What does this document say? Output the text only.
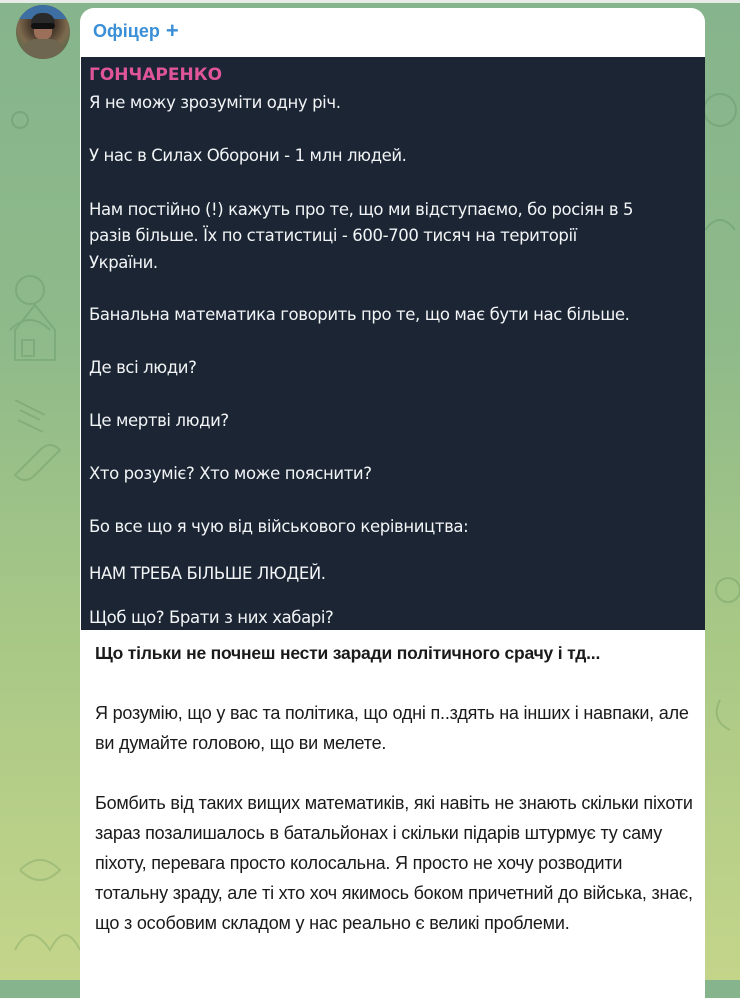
Офіцер +
ГОНЧАРЕНКО
Я не можу зрозуміти одну річ.
У нас в Силах Оборони - 1 млн людей.
Нам постійно (!) кажуть про те, що ми відступаємо, бо росіян в 5
разів більше. Їх по статистиці - 600-700 тисяч на території
України.
Банальна математика говорить про те, що має бути нас більше.
Де всі люди?
Це мертві люди?
Хто розуміє? Хто може пояснити?
Бо все що я чую від військового керівництва:
НАМ ТРЕБА БІЛЬШЕ ЛЮДЕЙ.
Щоб що? Брати з них хабарі?

Що тільки не почнеш нести заради політичного срачу і тд...

Я розумію, що у вас та політика, що одні п..здять на інших і навпаки, але ви думайте головою, що ви мелете.

Бомбить від таких вищих математиків, які навіть не знають скільки піхоти зараз позалишалось в батальйонах і скільки підарів штурмує ту саму піхоту, перевага просто колосальна. Я просто не хочу розводити тотальну зраду, але ті хто хоч якимось боком причетний до війська, знає, що з особовим складом у нас реально є великі проблеми.
